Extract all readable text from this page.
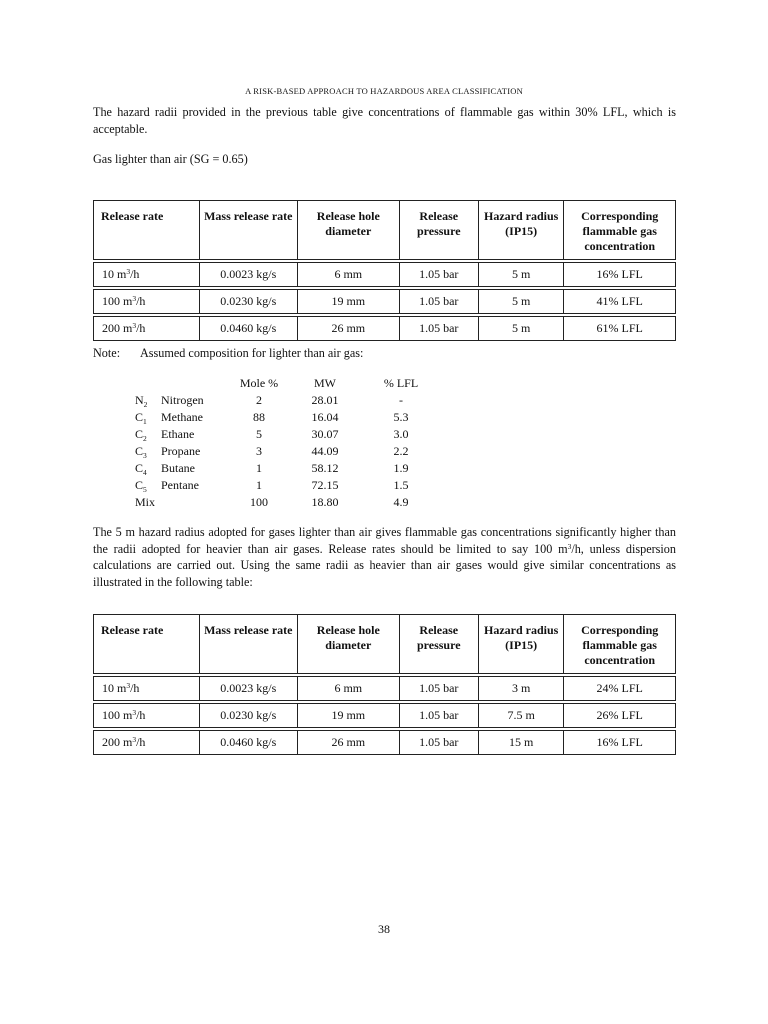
A RISK-BASED APPROACH TO HAZARDOUS AREA CLASSIFICATION

The hazard radii provided in the previous table give concentrations of flammable gas within 30% LFL, which is acceptable.

Gas lighter than air (SG = 0.65)

Release rate	Mass release rate	Release hole diameter	Release pressure	Hazard radius (IP15)	Corresponding flammable gas concentration

10 $m^3/h$	0.0023 kg/s	6 mm	1.05 bar	5 m	16% LFL

100 $m^3/h$	0.0230 kg/s	19 mm	1.05 bar	5 m	41% LFL

200 $m^3/h$	0.0460 kg/s	26 mm	1.05 bar	5 m	61% LFL
Note: Assumed composition for lighter than air gas:
Mole %	MW	% LFL
$N_2$ Nitrogen	2	28.01	-
$C_1$ Methane	88	16.04	5.3
$C_2$ Ethane	5	30.07	3.0
$C_3$ Propane	3	44.09	2.2
$C_4$ Butane	1	58.12	1.9
$C_5$ Pentane	1	72.15	1.5
Mix	100	18.80	4.9

The 5 m hazard radius adopted for gases lighter than air gives flammable gas concentrations significantly higher than the radii adopted for heavier than air gases. Release rates should be limited to say 100 $m^3/h$, unless dispersion calculations are carried out. Using the same radii as heavier than air gases would give similar concentrations as illustrated in the following table:

Release rate	Mass release rate	Release hole diameter	Release pressure	Hazard radius (IP15)	Corresponding flammable gas concentration

10 $m^3/h$	0.0023 kg/s	6 mm	1.05 bar	3 m	24% LFL

100 $m^3/h$	0.0230 kg/s	19 mm	1.05 bar	7.5 m	26% LFL

200 $m^3/h$	0.0460 kg/s	26 mm	1.05 bar	15 m	16% LFL
38
